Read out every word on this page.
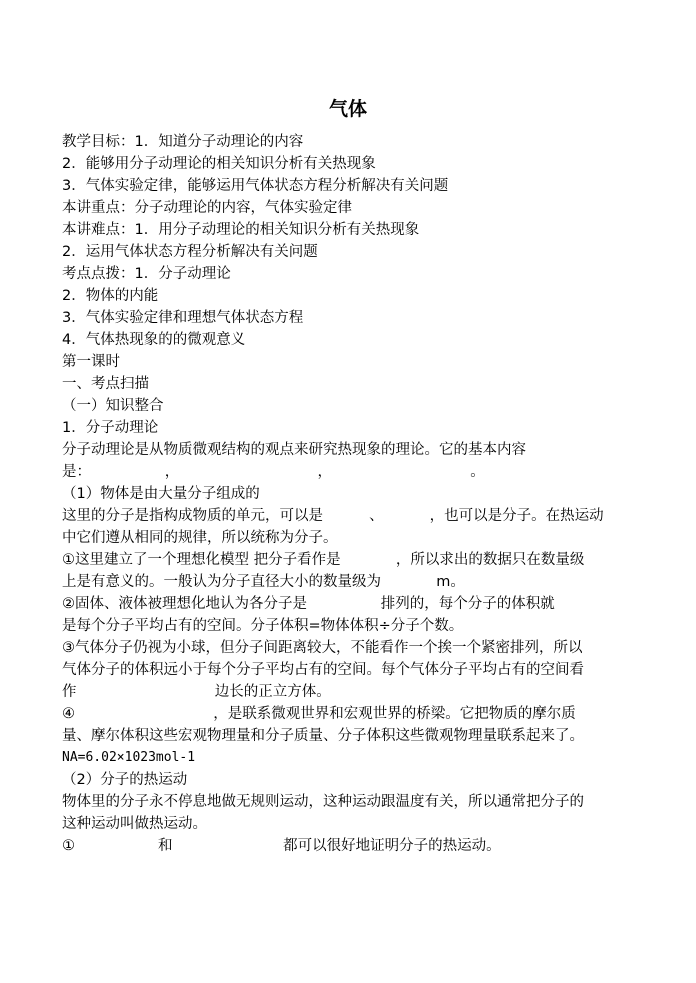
气体
教学目标：1．知道分子动理论的内容
2．能够用分子动理论的相关知识分析有关热现象
3．气体实验定律，能够运用气体状态方程分析解决有关问题
本讲重点：分子动理论的内容，气体实验定律
本讲难点：1．用分子动理论的相关知识分析有关热现象
2．运用气体状态方程分析解决有关问题
考点点拨：1．分子动理论
2．物体的内能
3．气体实验定律和理想气体状态方程
4．气体热现象的的微观意义
第一课时
一、考点扫描
（一）知识整合
1．分子动理论
分子动理论是从物质微观结构的观点来研究热现象的理论。它的基本内容
是：                ，                              ，                              。
（1）物体是由大量分子组成的
这里的分子是指构成物质的单元，可以是          、          ，也可以是分子。在热运动
中它们遵从相同的规律，所以统称为分子。
①这里建立了一个理想化模型 把分子看作是            ，所以求出的数据只在数量级
上是有意义的。一般认为分子直径大小的数量级为            m。
②固体、液体被理想化地认为各分子是                排列的，每个分子的体积就
是每个分子平均占有的空间。分子体积=物体体积÷分子个数。
③气体分子仍视为小球，但分子间距离较大，不能看作一个挨一个紧密排列，所以
气体分子的体积远小于每个分子平均占有的空间。每个气体分子平均占有的空间看
作                              边长的正立方体。
④                              ，是联系微观世界和宏观世界的桥梁。它把物质的摩尔质
量、摩尔体积这些宏观物理量和分子质量、分子体积这些微观物理量联系起来了。
NA=6.02×1023mol-1
（2）分子的热运动
物体里的分子永不停息地做无规则运动，这种运动跟温度有关，所以通常把分子的
这种运动叫做热运动。
①                  和                        都可以很好地证明分子的热运动。
